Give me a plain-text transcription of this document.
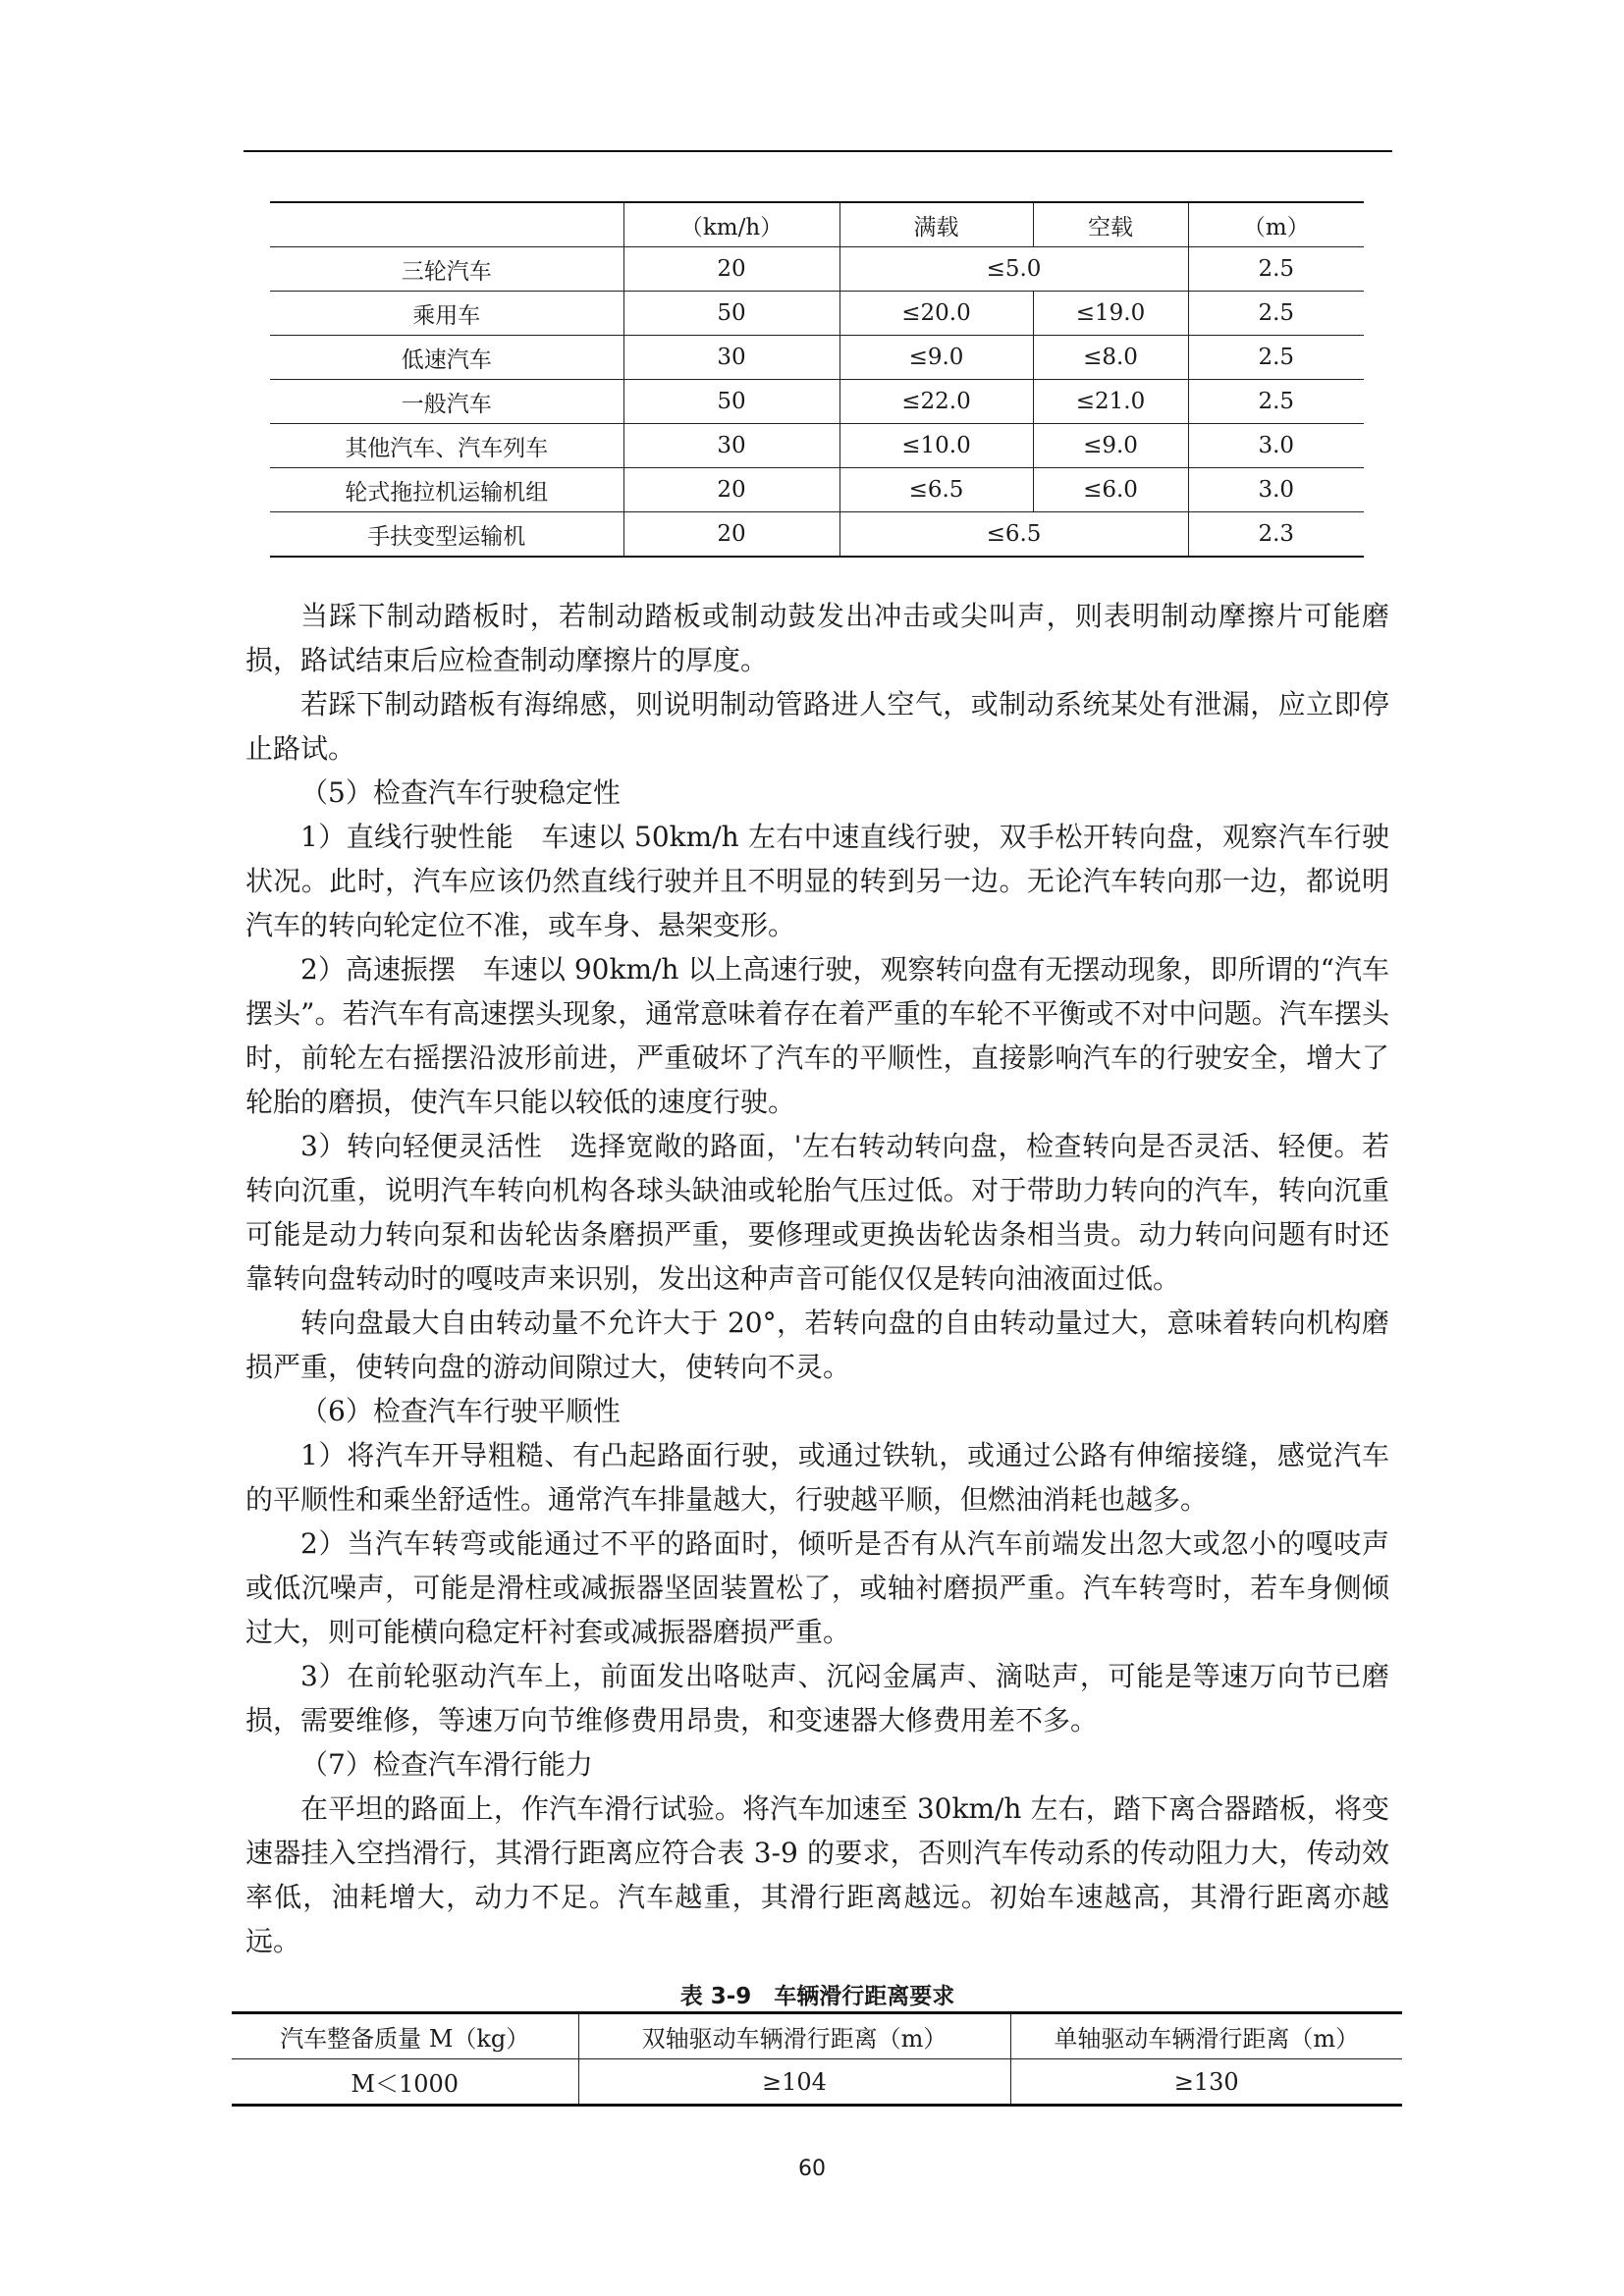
	（km/h）	满载	空载	（m）
三轮汽车	20	≤5.0		2.5
乘用车	50	≤20.0	≤19.0	2.5
低速汽车	30	≤9.0	≤8.0	2.5
一般汽车	50	≤22.0	≤21.0	2.5
其他汽车、汽车列车	30	≤10.0	≤9.0	3.0
轮式拖拉机运输机组	20	≤6.5	≤6.0	3.0
手扶变型运输机	20	≤6.5		2.3

当踩下制动踏板时，若制动踏板或制动鼓发出冲击或尖叫声，则表明制动摩擦片可能磨损，路试结束后应检查制动摩擦片的厚度。

若踩下制动踏板有海绵感，则说明制动管路进人空气，或制动系统某处有泄漏，应立即停止路试。

（5）检查汽车行驶稳定性

1）直线行驶性能　车速以 50km/h 左右中速直线行驶，双手松开转向盘，观察汽车行驶状况。此时，汽车应该仍然直线行驶并且不明显的转到另一边。无论汽车转向那一边，都说明汽车的转向轮定位不准，或车身、悬架变形。

2）高速振摆　车速以 90km/h 以上高速行驶，观察转向盘有无摆动现象，即所谓的“汽车摆头”。若汽车有高速摆头现象，通常意味着存在着严重的车轮不平衡或不对中问题。汽车摆头时，前轮左右摇摆沿波形前进，严重破坏了汽车的平顺性，直接影响汽车的行驶安全，增大了轮胎的磨损，使汽车只能以较低的速度行驶。

3）转向轻便灵活性　选择宽敞的路面，'左右转动转向盘，检查转向是否灵活、轻便。若转向沉重，说明汽车转向机构各球头缺油或轮胎气压过低。对于带助力转向的汽车，转向沉重可能是动力转向泵和齿轮齿条磨损严重，要修理或更换齿轮齿条相当贵。动力转向问题有时还靠转向盘转动时的嘎吱声来识别，发出这种声音可能仅仅是转向油液面过低。

转向盘最大自由转动量不允许大于 20°，若转向盘的自由转动量过大，意味着转向机构磨损严重，使转向盘的游动间隙过大，使转向不灵。

（6）检查汽车行驶平顺性

1）将汽车开导粗糙、有凸起路面行驶，或通过铁轨，或通过公路有伸缩接缝，感觉汽车的平顺性和乘坐舒适性。通常汽车排量越大，行驶越平顺，但燃油消耗也越多。

2）当汽车转弯或能通过不平的路面时，倾听是否有从汽车前端发出忽大或忽小的嘎吱声或低沉噪声，可能是滑柱或减振器坚固装置松了，或轴衬磨损严重。汽车转弯时，若车身侧倾过大，则可能横向稳定杆衬套或减振器磨损严重。

3）在前轮驱动汽车上，前面发出咯哒声、沉闷金属声、滴哒声，可能是等速万向节已磨损，需要维修，等速万向节维修费用昂贵，和变速器大修费用差不多。

（7）检查汽车滑行能力

在平坦的路面上，作汽车滑行试验。将汽车加速至 30km/h 左右，踏下离合器踏板，将变速器挂入空挡滑行，其滑行距离应符合表 3-9 的要求，否则汽车传动系的传动阻力大，传动效率低，油耗增大，动力不足。汽车越重，其滑行距离越远。初始车速越高，其滑行距离亦越远。

表 3-9　车辆滑行距离要求
汽车整备质量 M（kg）	双轴驱动车辆滑行距离（m）	单轴驱动车辆滑行距离（m）
M＜1000	≥104	≥130
60
